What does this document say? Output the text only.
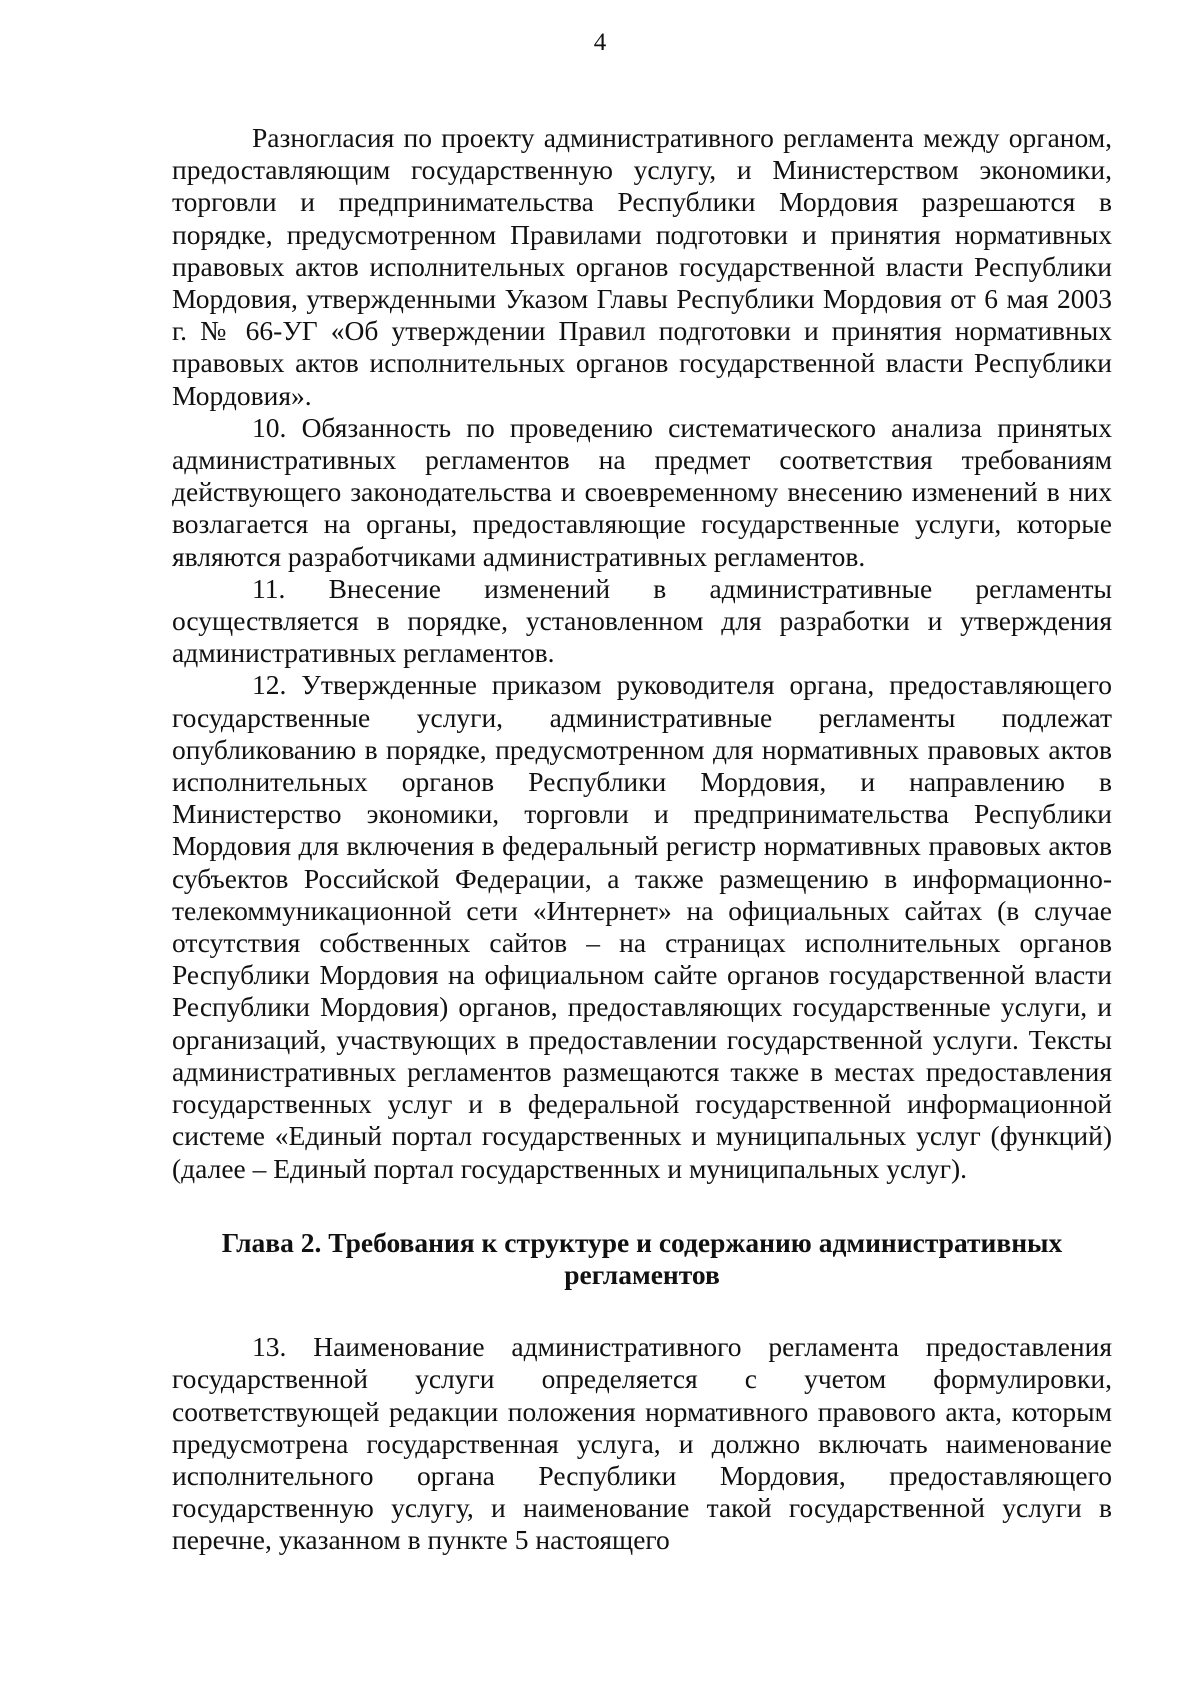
4

Разногласия по проекту административного регламента между органом, предоставляющим государственную услугу, и Министерством экономики, торговли и предпринимательства Республики Мордовия разрешаются в порядке, предусмотренном Правилами подготовки и принятия нормативных правовых актов исполнительных органов государственной власти Республики Мордовия, утвержденными Указом Главы Республики Мордовия от 6 мая 2003 г. № 66-УГ «Об утверждении Правил подготовки и принятия нормативных правовых актов исполнительных органов государственной власти Республики Мордовия».

10. Обязанность по проведению систематического анализа принятых административных регламентов на предмет соответствия требованиям действующего законодательства и своевременному внесению изменений в них возлагается на органы, предоставляющие государственные услуги, которые являются разработчиками административных регламентов.

11. Внесение изменений в административные регламенты осуществляется в порядке, установленном для разработки и утверждения административных регламентов.

12. Утвержденные приказом руководителя органа, предоставляющего государственные услуги, административные регламенты подлежат опубликованию в порядке, предусмотренном для нормативных правовых актов исполнительных органов Республики Мордовия, и направлению в Министерство экономики, торговли и предпринимательства Республики Мордовия для включения в федеральный регистр нормативных правовых актов субъектов Российской Федерации, а также размещению в информационно-телекоммуникационной сети «Интернет» на официальных сайтах (в случае отсутствия собственных сайтов – на страницах исполнительных органов Республики Мордовия на официальном сайте органов государственной власти Республики Мордовия) органов, предоставляющих государственные услуги, и организаций, участвующих в предоставлении государственной услуги. Тексты административных регламентов размещаются также в местах предоставления государственных услуг и в федеральной государственной информационной системе «Единый портал государственных и муниципальных услуг (функций) (далее – Единый портал государственных и муниципальных услуг).

Глава 2. Требования к структуре и содержанию административных регламентов

13. Наименование административного регламента предоставления государственной услуги определяется с учетом формулировки, соответствующей редакции положения нормативного правового акта, которым предусмотрена государственная услуга, и должно включать наименование исполнительного органа Республики Мордовия, предоставляющего государственную услугу, и наименование такой государственной услуги в перечне, указанном в пункте 5 настоящего
